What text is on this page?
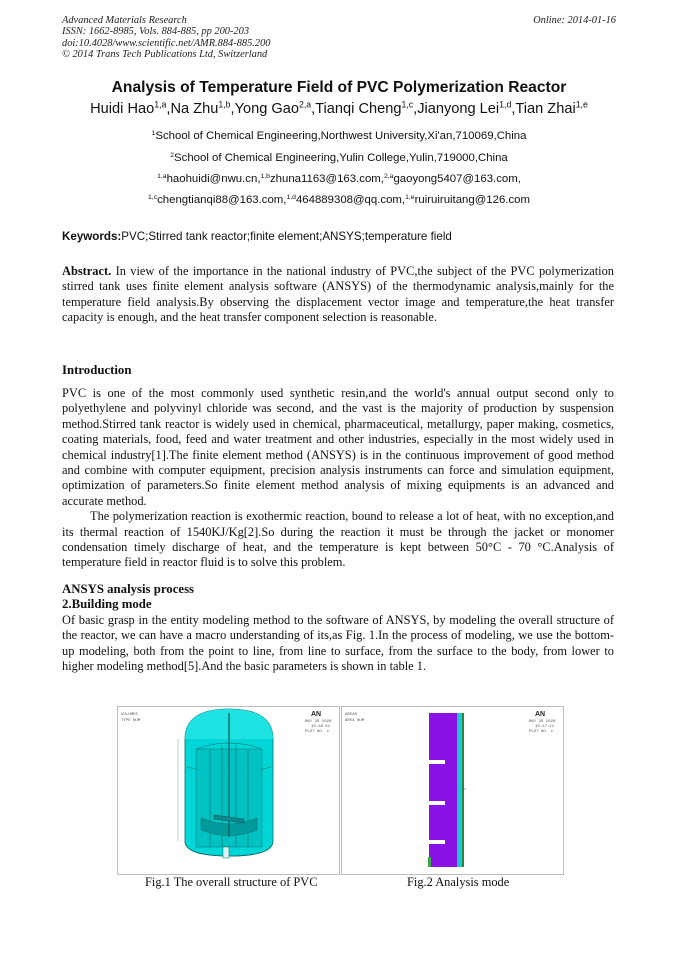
Advanced Materials Research
ISSN: 1662-8985, Vols. 884-885, pp 200-203
doi:10.4028/www.scientific.net/AMR.884-885.200
© 2014 Trans Tech Publications Ltd, Switzerland
Online: 2014-01-16
Analysis of Temperature Field of PVC Polymerization Reactor
Huidi Hao$^{1,a}$,Na Zhu$^{1,b}$,Yong Gao$^{2,a}$,Tianqi Cheng$^{1,c}$,Jianyong Lei$^{1,d}$,Tian Zhai$^{1,e}$
$^1$School of Chemical Engineering,Northwest University,Xi'an,710069,China
$^2$School of Chemical Engineering,Yulin College,Yulin,719000,China
$^{1,a}$haohuidi@nwu.cn,$^{1,b}$zhuna1163@163.com,$^{2,a}$gaoyong5407@163.com,
$^{1,c}$chengtianqi88@163.com,$^{1,d}$464889308@qq.com,$^{1,e}$ruiruiruitang@126.com
Keywords:PVC;Stirred tank reactor;finite element;ANSYS;temperature field

Abstract. In view of the importance in the national industry of PVC,the subject of the PVC polymerization stirred tank uses finite element analysis software (ANSYS) of the thermodynamic analysis,mainly for the temperature field analysis.By observing the displacement vector image and temperature,the heat transfer capacity is enough, and the heat transfer component selection is reasonable.

Introduction

PVC is one of the most commonly used synthetic resin,and the world's annual output second only to polyethylene and polyvinyl chloride was second, and the vast is the majority of production by suspension method.Stirred tank reactor is widely used in chemical, pharmaceutical, metallurgy, paper making, cosmetics, coating materials, food, feed and water treatment and other industries, especially in the most widely used in chemical industry[1].The finite element method (ANSYS) is in the continuous improvement of good method and combine with computer equipment, precision analysis instruments can force and simulation equipment, optimization of parameters.So finite element method analysis of mixing equipments is an advanced and accurate method.

The polymerization reaction is exothermic reaction, bound to release a lot of heat, with no exception,and its thermal reaction of 1540KJ/Kg[2].So during the reaction it must be through the jacket or monomer condensation timely discharge of heat, and the temperature is kept between 50°C - 70 °C.Analysis of temperature field in reactor fluid is to solve this problem.

ANSYS analysis process
2.Building mode

Of basic grasp in the entity modeling method to the software of ANSYS, by modeling the overall structure of the reactor, we can have a macro understanding of its,as Fig. 1.In the process of modeling, we use the bottom-up modeling, both from the point to line, from line to surface, from the surface to the body, from lower to higher modeling method[5].And the basic parameters is shown in table 1.

VOLUMES
TYPE NUM
AN
MAY 28 2020
15:46:51
PLOT NO. 1
AREAS
AREA NUM
AN
MAY 28 2020
15:47:11
PLOT NO. 1
Fig.1 The overall structure of PVC	Fig.2 Analysis mode
